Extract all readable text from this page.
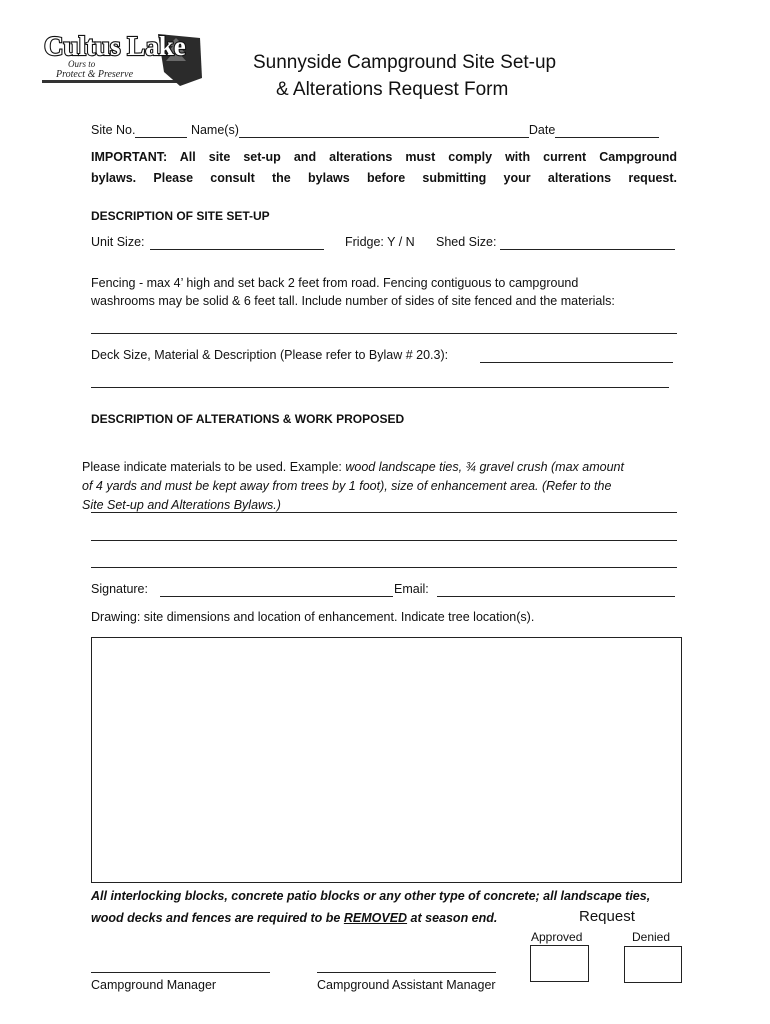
Cultus Lake
Ours to
Protect & Preserve
Sunnyside Campground Site Set-up
& Alterations Request Form
Site No.	Name(s)	Date
IMPORTANT: All site set-up and alterations must comply with current Campground
bylaws. Please consult the bylaws before submitting your alterations request.
DESCRIPTION OF SITE SET-UP
Unit Size:	Fridge: Y / N Shed Size:
Fencing - max 4’ high and set back 2 feet from road. Fencing contiguous to campground
washrooms may be solid & 6 feet tall. Include number of sides of site fenced and the materials:
Deck Size, Material & Description (Please refer to Bylaw # 20.3):
DESCRIPTION OF ALTERATIONS & WORK PROPOSED
Please indicate materials to be used. Example: wood landscape ties, ¾ gravel crush (max amount
of 4 yards and must be kept away from trees by 1 foot), size of enhancement area. (Refer to the
Site Set-up and Alterations Bylaws.)
Signature:	Email:
Drawing: site dimensions and location of enhancement. Indicate tree location(s).
All interlocking blocks, concrete patio blocks or any other type of concrete; all landscape ties,
wood decks and fences are required to be REMOVED at season end.	Request
Approved	Denied
Campground Manager	Campground Assistant Manager
